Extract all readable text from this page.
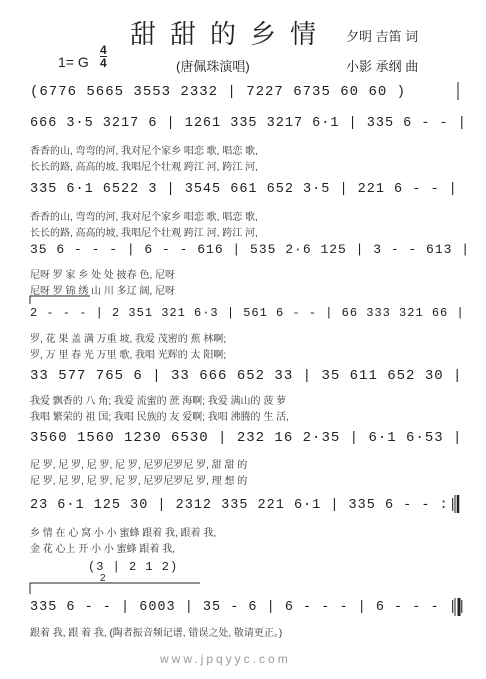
2
甜甜的乡情 夕明 吉笛 词
小影 承纲 曲
1= G
4
4	(唐佩珠演唱)
(6776 5665 3553 2332 | 7227 6735 60 60 )
666 3·5 3217 6 | 1261 335 3217 6·1 | 335 6 - - |
香香的山, 弯弯的河, 我对尼个家乡 唱恋 歌, 唱恋 歌,
长长的路, 高高的坡, 我唱尼个壮观 跨江 河, 跨江 河,
335 6·1 6522 3 | 3545 661 652 3·5 | 221 6 - - |
香香的山, 弯弯的河, 我对尼个家乡 唱恋 歌, 唱恋 歌,
长长的路, 高高的坡, 我唱尼个壮观 跨江 河, 跨江 河,
35 6 - - - | 6 - - 616 | 535 2·6 125 | 3 - - 613 |
尼呀 罗 家 乡 处 处 披春 色, 尼呀
尼呀 罗 锦 绣 山 川 多辽 阔, 尼呀
2 - - - | 2 351 321 6·3 | 561 6 - - | 66 333 321 66 |
罗, 花 果 盖 满 万重 坡, 我爱 茂密的 蕉 林啊;
罗, 万 里 春 光 万里 歌, 我唱 光辉的 太 阳啊;
33 577 765 6 | 33 666 652 33 | 35 611 652 30 |
我爱 飘香的 八 角; 我爱 流蜜的 蔗 海啊; 我爱 满山的 菠 萝
我唱 繁荣的 祖 国; 我唱 民族的 友 爱啊; 我唱 沸腾的 生 活,
3560 1560 1230 6530 | 232 16 2·35 | 6·1 6·53 |
尼 罗, 尼 罗, 尼 罗, 尼 罗, 尼罗尼罗尼 罗, 甜 甜 的
尼 罗, 尼 罗, 尼 罗, 尼 罗, 尼罗尼罗尼 罗, 理 想 的
23 6·1 125 30 | 2312 335 221 6·1 | 335 6 - - :|
乡 情 在 心 窝 小 小 蜜蜂 跟着 我, 跟着 我,
金 花 心上 开 小 小 蜜蜂 跟着 我,
(3 | 2 1 2)
335 6 - - | 6003 | 35 - 6 | 6 - - - | 6 - - - ||
跟着 我, 跟 着 我, (陶者振音频记谱, 错误之处, 敬请更正。)
www.jpqyyc.com
